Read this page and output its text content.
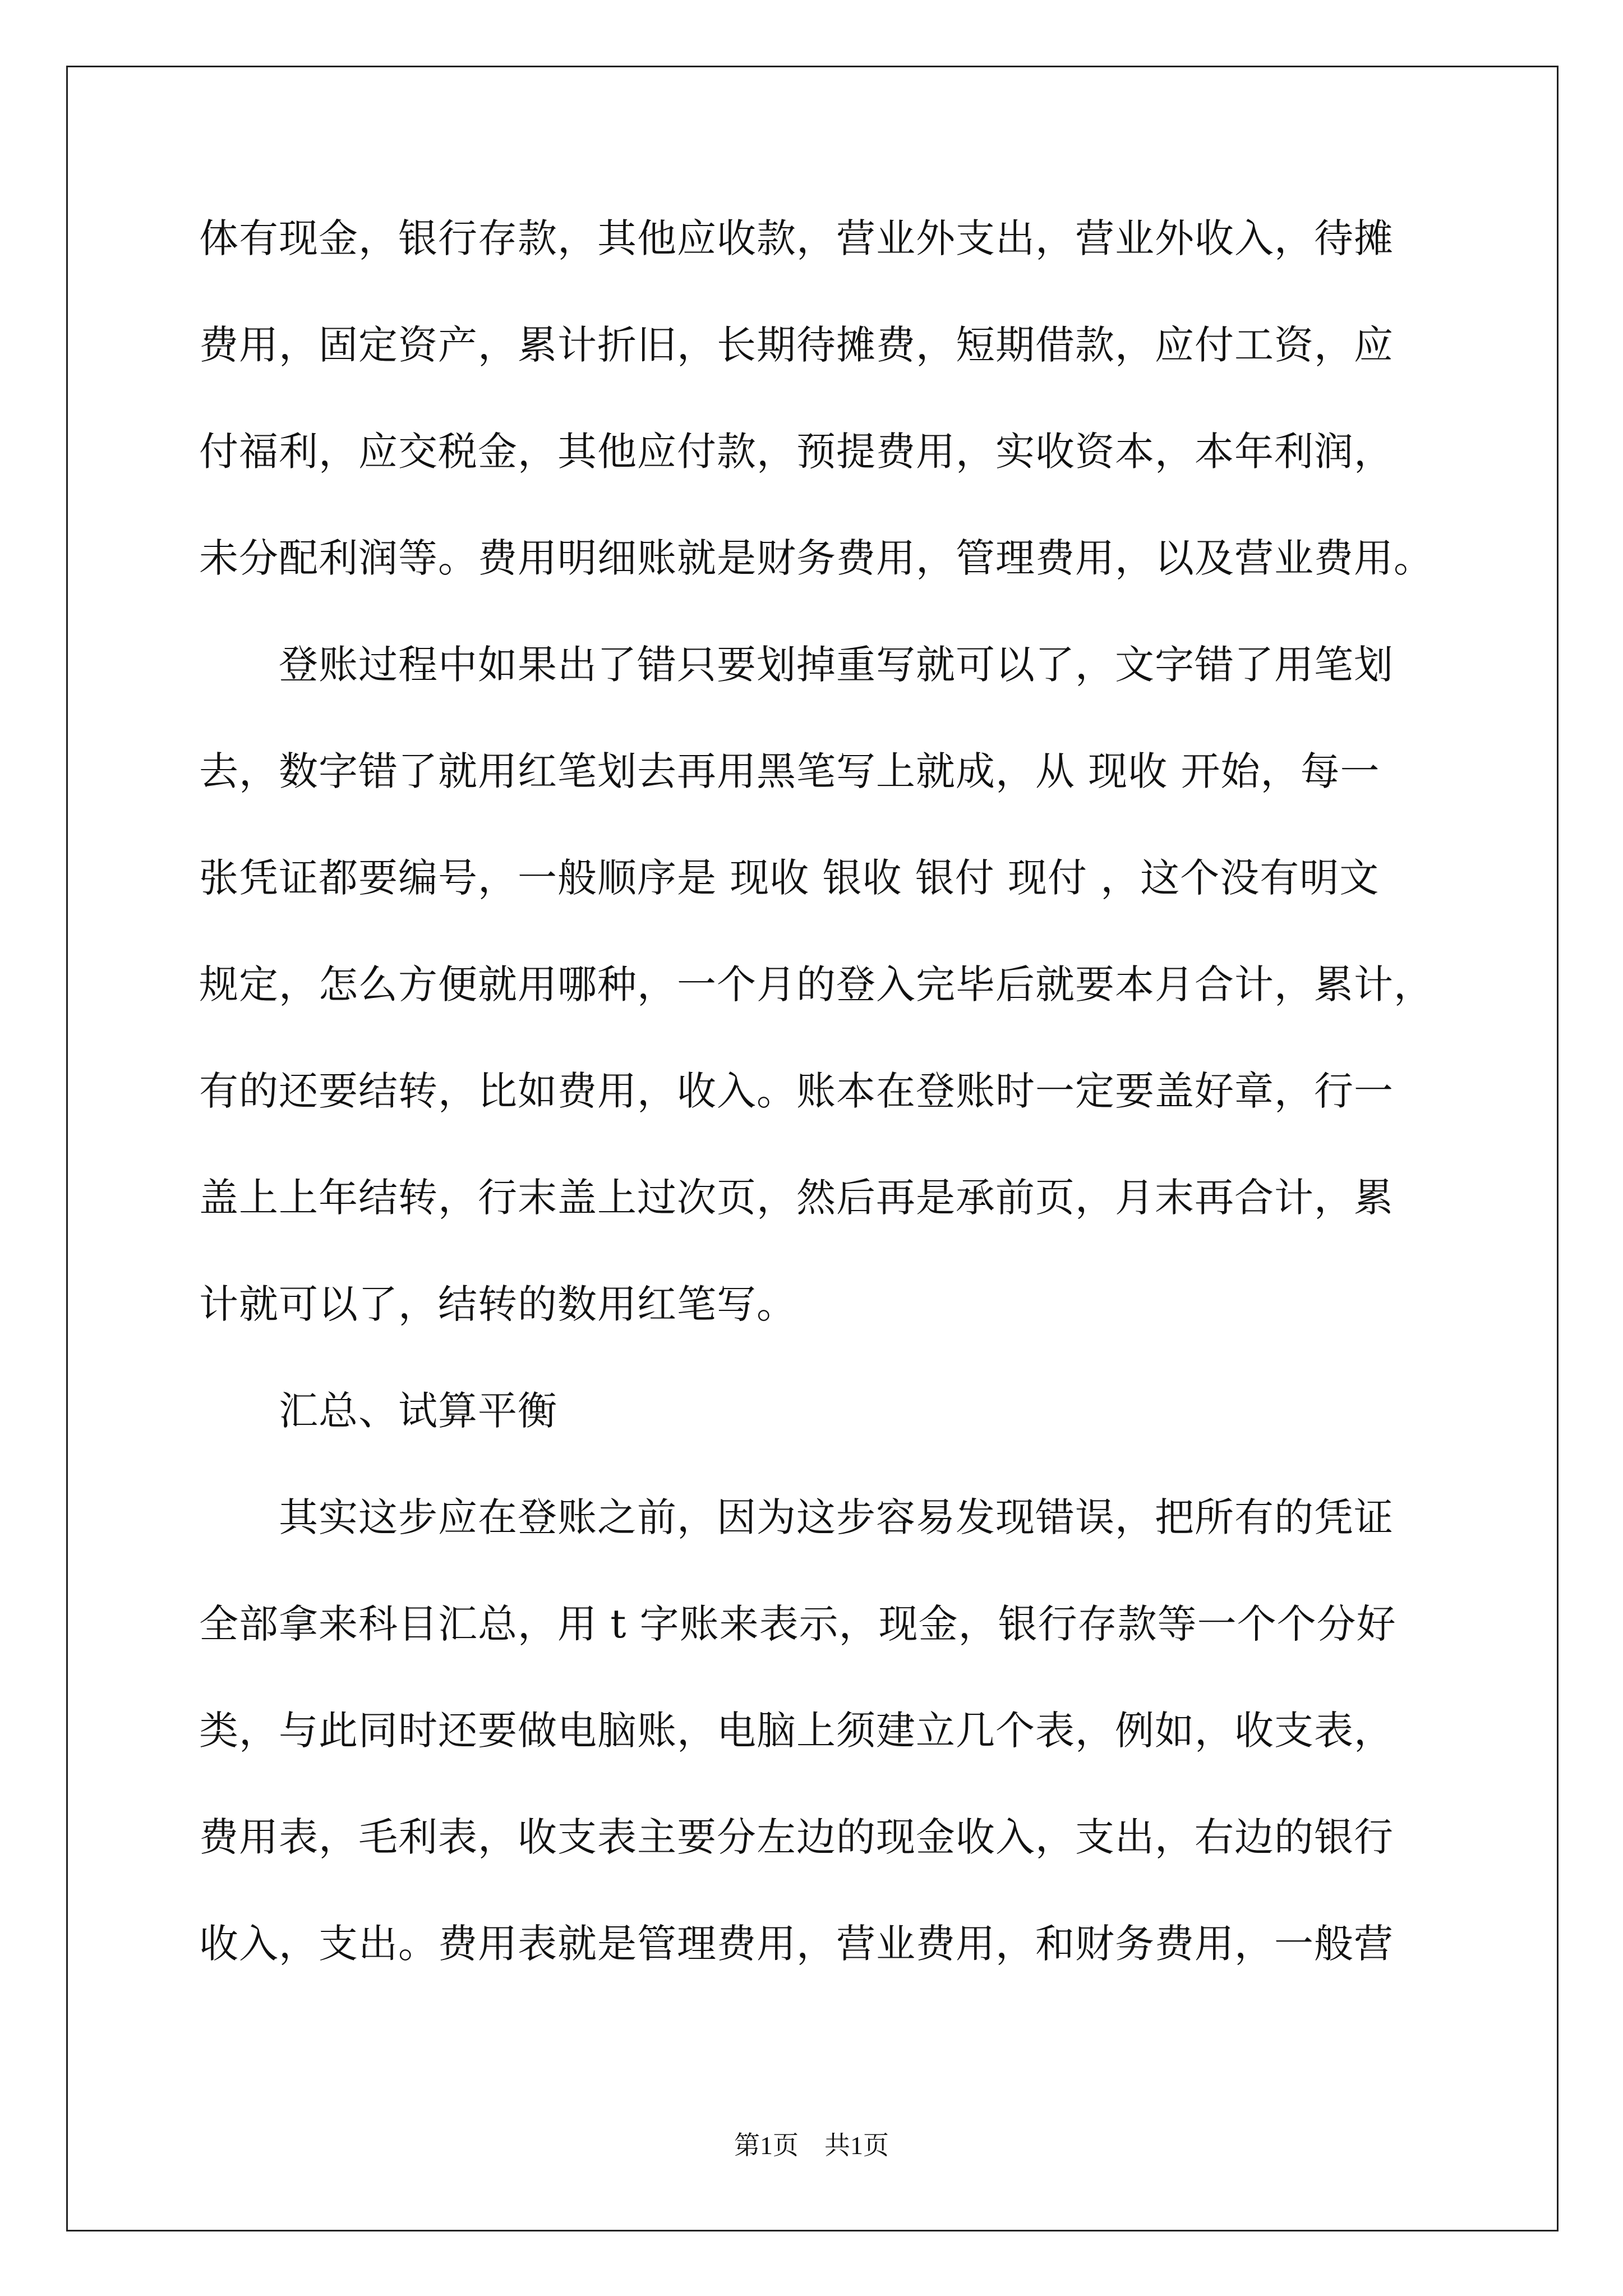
体有现金，银行存款，其他应收款，营业外支出，营业外收入，待摊
费用，固定资产，累计折旧，长期待摊费，短期借款，应付工资，应
付福利，应交税金，其他应付款，预提费用，实收资本，本年利润，
未分配利润等。费用明细账就是财务费用，管理费用，以及营业费用。
　　登账过程中如果出了错只要划掉重写就可以了，文字错了用笔划
去，数字错了就用红笔划去再用黑笔写上就成，从 现收 开始，每一
张凭证都要编号，一般顺序是 现收 银收 银付 现付 ，这个没有明文
规定，怎么方便就用哪种，一个月的登入完毕后就要本月合计，累计，
有的还要结转，比如费用，收入。账本在登账时一定要盖好章，行一
盖上上年结转，行末盖上过次页，然后再是承前页，月末再合计，累
计就可以了，结转的数用红笔写。
　　汇总、试算平衡
　　其实这步应在登账之前，因为这步容易发现错误，把所有的凭证
全部拿来科目汇总，用 t 字账来表示，现金，银行存款等一个个分好
类，与此同时还要做电脑账，电脑上须建立几个表，例如，收支表，
费用表，毛利表，收支表主要分左边的现金收入，支出，右边的银行
收入，支出。费用表就是管理费用，营业费用，和财务费用，一般营
第1页　共1页
